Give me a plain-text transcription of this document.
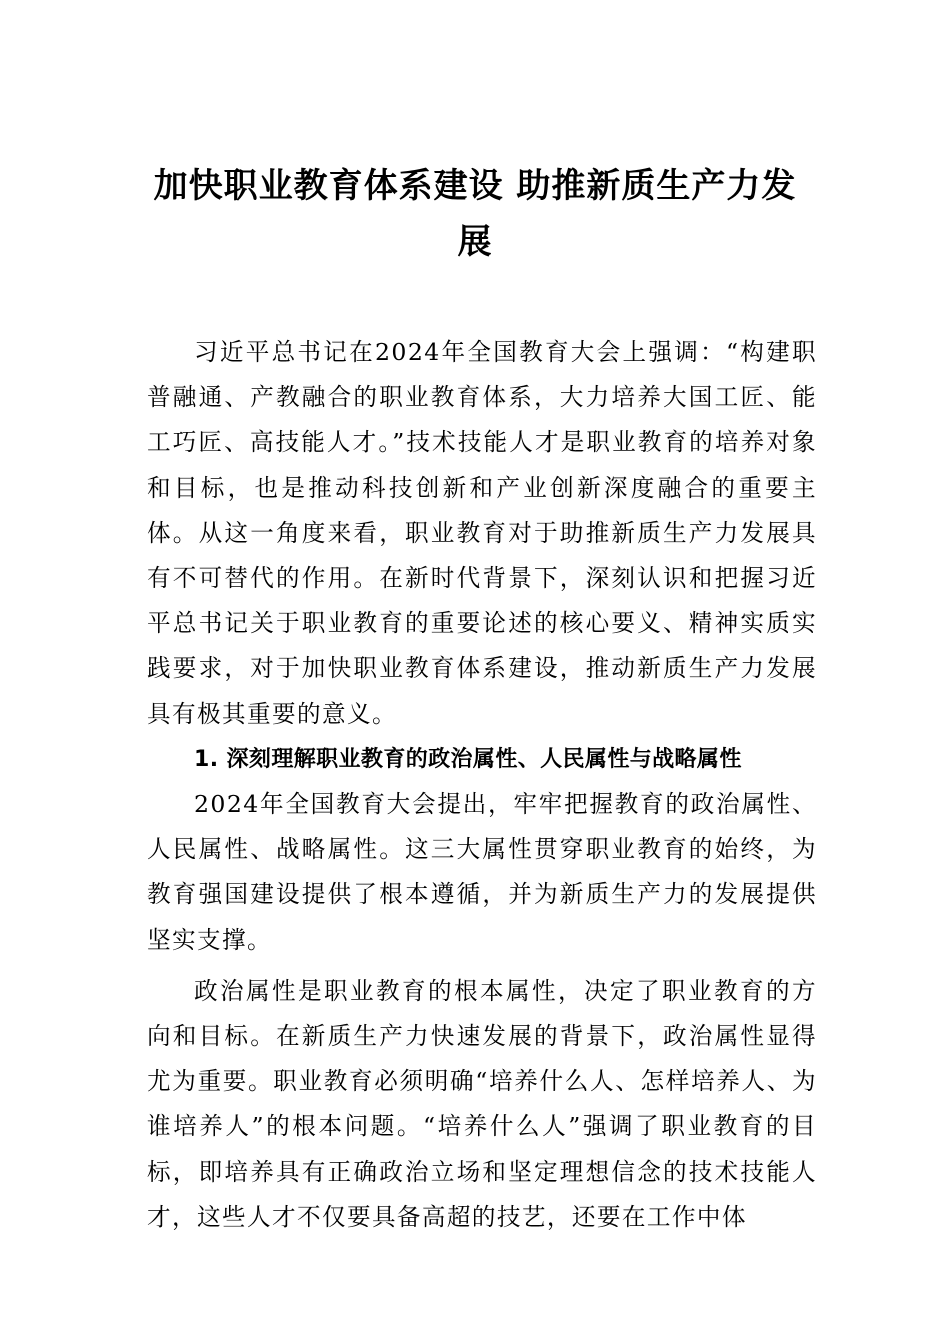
加快职业教育体系建设 助推新质生产力发展

习近平总书记在2024年全国教育大会上强调：“构建职普融通、产教融合的职业教育体系，大力培养大国工匠、能工巧匠、高技能人才。”技术技能人才是职业教育的培养对象和目标，也是推动科技创新和产业创新深度融合的重要主体。从这一角度来看，职业教育对于助推新质生产力发展具有不可替代的作用。在新时代背景下，深刻认识和把握习近平总书记关于职业教育的重要论述的核心要义、精神实质实践要求，对于加快职业教育体系建设，推动新质生产力发展具有极其重要的意义。

1. 深刻理解职业教育的政治属性、人民属性与战略属性

2024年全国教育大会提出，牢牢把握教育的政治属性、人民属性、战略属性。这三大属性贯穿职业教育的始终，为教育强国建设提供了根本遵循，并为新质生产力的发展提供坚实支撑。

政治属性是职业教育的根本属性，决定了职业教育的方向和目标。在新质生产力快速发展的背景下，政治属性显得尤为重要。职业教育必须明确“培养什么人、怎样培养人、为谁培养人”的根本问题。“培养什么人”强调了职业教育的目标，即培养具有正确政治立场和坚定理想信念的技术技能人才，这些人才不仅要具备高超的技艺，还要在工作中体
